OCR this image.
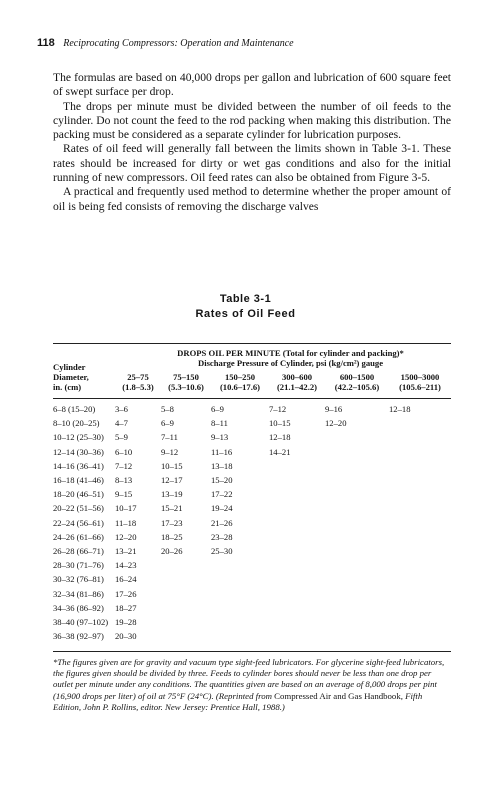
118 Reciprocating Compressors: Operation and Maintenance

The formulas are based on 40,000 drops per gallon and lubrication of 600 square feet of swept surface per drop.

The drops per minute must be divided between the number of oil feeds to the cylinder. Do not count the feed to the rod packing when making this distribution. The packing must be considered as a separate cylinder for lubrication purposes.

Rates of oil feed will generally fall between the limits shown in Table 3-1. These rates should be increased for dirty or wet gas conditions and also for the initial running of new compressors. Oil feed rates can also be obtained from Figure 3-5.

A practical and frequently used method to determine whether the proper amount of oil is being fed consists of removing the discharge valves

Table 3-1
Rates of Oil Feed
DROPS OIL PER MINUTE (Total for cylinder and packing)*
Discharge Pressure of Cylinder, psi (kg/cm²) gauge
Cylinder
Diameter,
in. (cm)
25–75	75–150	150–250	300–600	600–1500	1500–3000
(1.8–5.3)	(5.3–10.6)	(10.6–17.6)	(21.1–42.2)	(42.2–105.6)	(105.6–211)
6–8 (15–20) 3–6	5–8	6–9	7–12	9–16	12–18
8–10 (20–25) 4–7	6–9	8–11	10–15	12–20
10–12 (25–30) 5–9	7–11	9–13	12–18
12–14 (30–36) 6–10	9–12	11–16	14–21
14–16 (36–41) 7–12	10–15	13–18
16–18 (41–46) 8–13	12–17	15–20
18–20 (46–51) 9–15	13–19	17–22
20–22 (51–56) 10–17	15–21	19–24
22–24 (56–61) 11–18	17–23	21–26
24–26 (61–66) 12–20	18–25	23–28
26–28 (66–71) 13–21	20–26	25–30
28–30 (71–76) 14–23
30–32 (76–81) 16–24
32–34 (81–86) 17–26
34–36 (86–92) 18–27
38–40 (97–102) 19–28
36–38 (92–97) 20–30
*The figures given are for gravity and vacuum type sight-feed lubricators. For glycerine sight-feed lubricators, the figures given should be divided by three. Feeds to cylinder bores should never be less than one drop per outlet per minute under any conditions. The quantities given are based on an average of 8,000 drops per pint (16,900 drops per liter) of oil at 75°F (24°C). (Reprinted from Compressed Air and Gas Handbook, Fifth Edition, John P. Rollins, editor. New Jersey: Prentice Hall, 1988.)
